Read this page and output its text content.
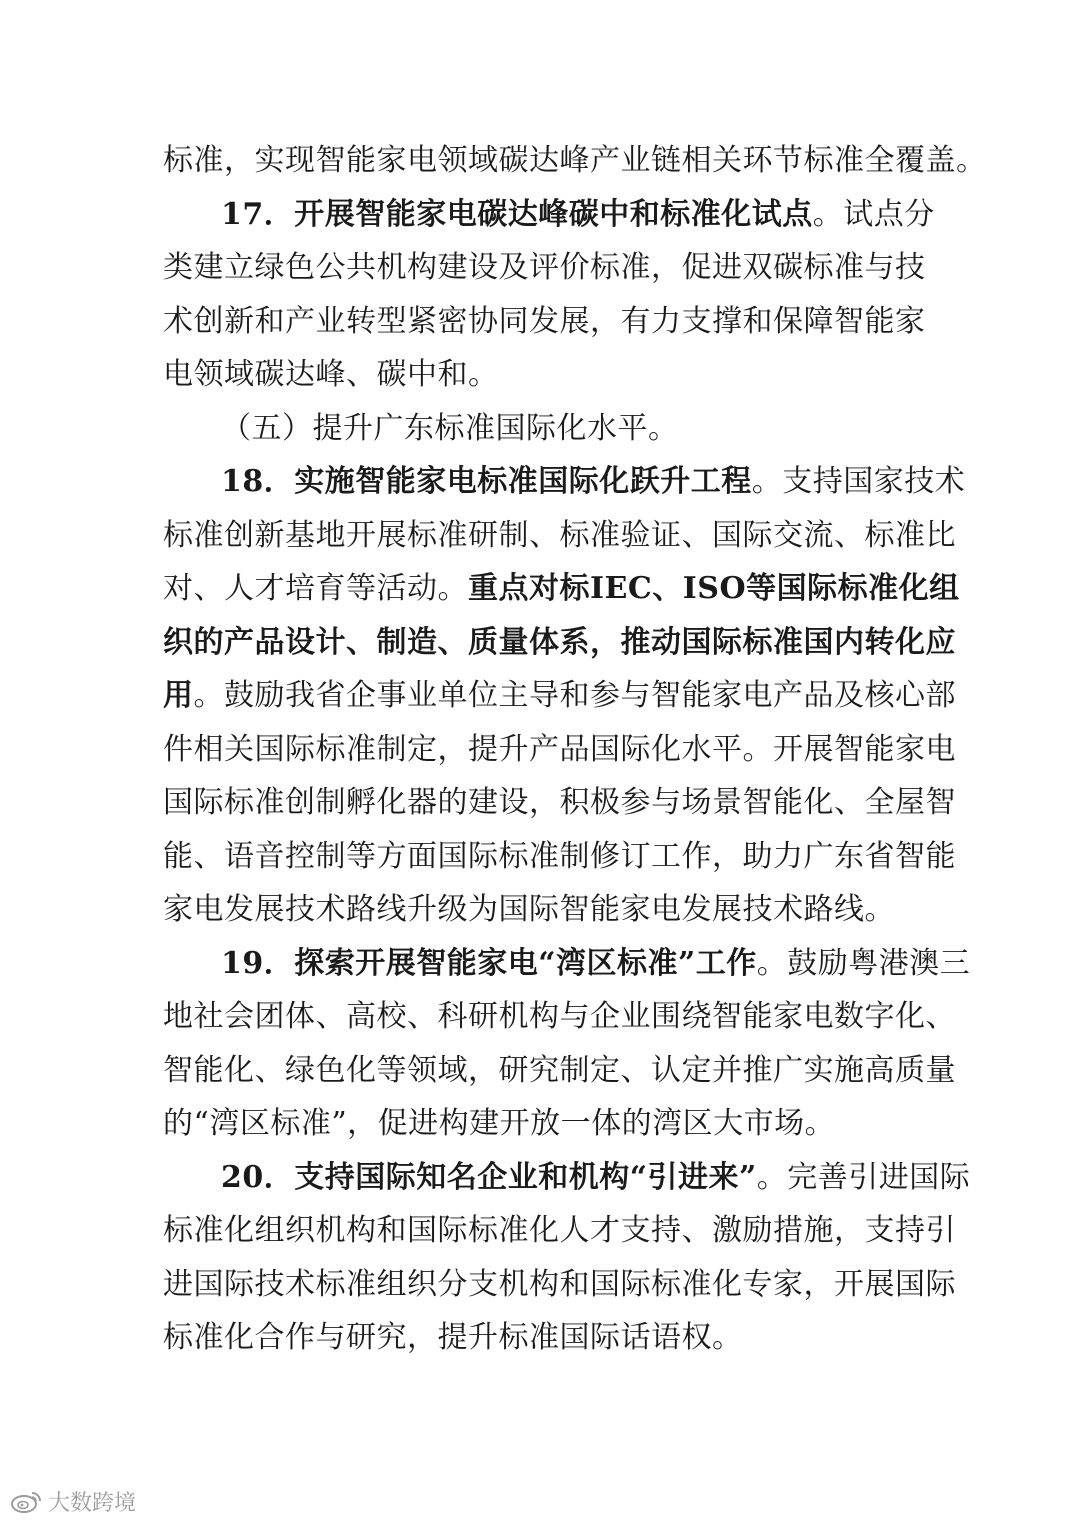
标准，实现智能家电领域碳达峰产业链相关环节标准全覆盖。
17．开展智能家电碳达峰碳中和标准化试点。试点分
类建立绿色公共机构建设及评价标准，促进双碳标准与技
术创新和产业转型紧密协同发展，有力支撑和保障智能家
电领域碳达峰、碳中和。
（五）提升广东标准国际化水平。
18．实施智能家电标准国际化跃升工程。支持国家技术
标准创新基地开展标准研制、标准验证、国际交流、标准比
对、人才培育等活动。重点对标IEC、ISO等国际标准化组
织的产品设计、制造、质量体系，推动国际标准国内转化应
用。鼓励我省企事业单位主导和参与智能家电产品及核心部
件相关国际标准制定，提升产品国际化水平。开展智能家电
国际标准创制孵化器的建设，积极参与场景智能化、全屋智
能、语音控制等方面国际标准制修订工作，助力广东省智能
家电发展技术路线升级为国际智能家电发展技术路线。
19．探索开展智能家电“湾区标准”工作。鼓励粤港澳三
地社会团体、高校、科研机构与企业围绕智能家电数字化、
智能化、绿色化等领域，研究制定、认定并推广实施高质量
的“湾区标准”，促进构建开放一体的湾区大市场。
20．支持国际知名企业和机构“引进来”。完善引进国际
标准化组织机构和国际标准化人才支持、激励措施，支持引
进国际技术标准组织分支机构和国际标准化专家，开展国际
标准化合作与研究，提升标准国际话语权。
大数跨境
